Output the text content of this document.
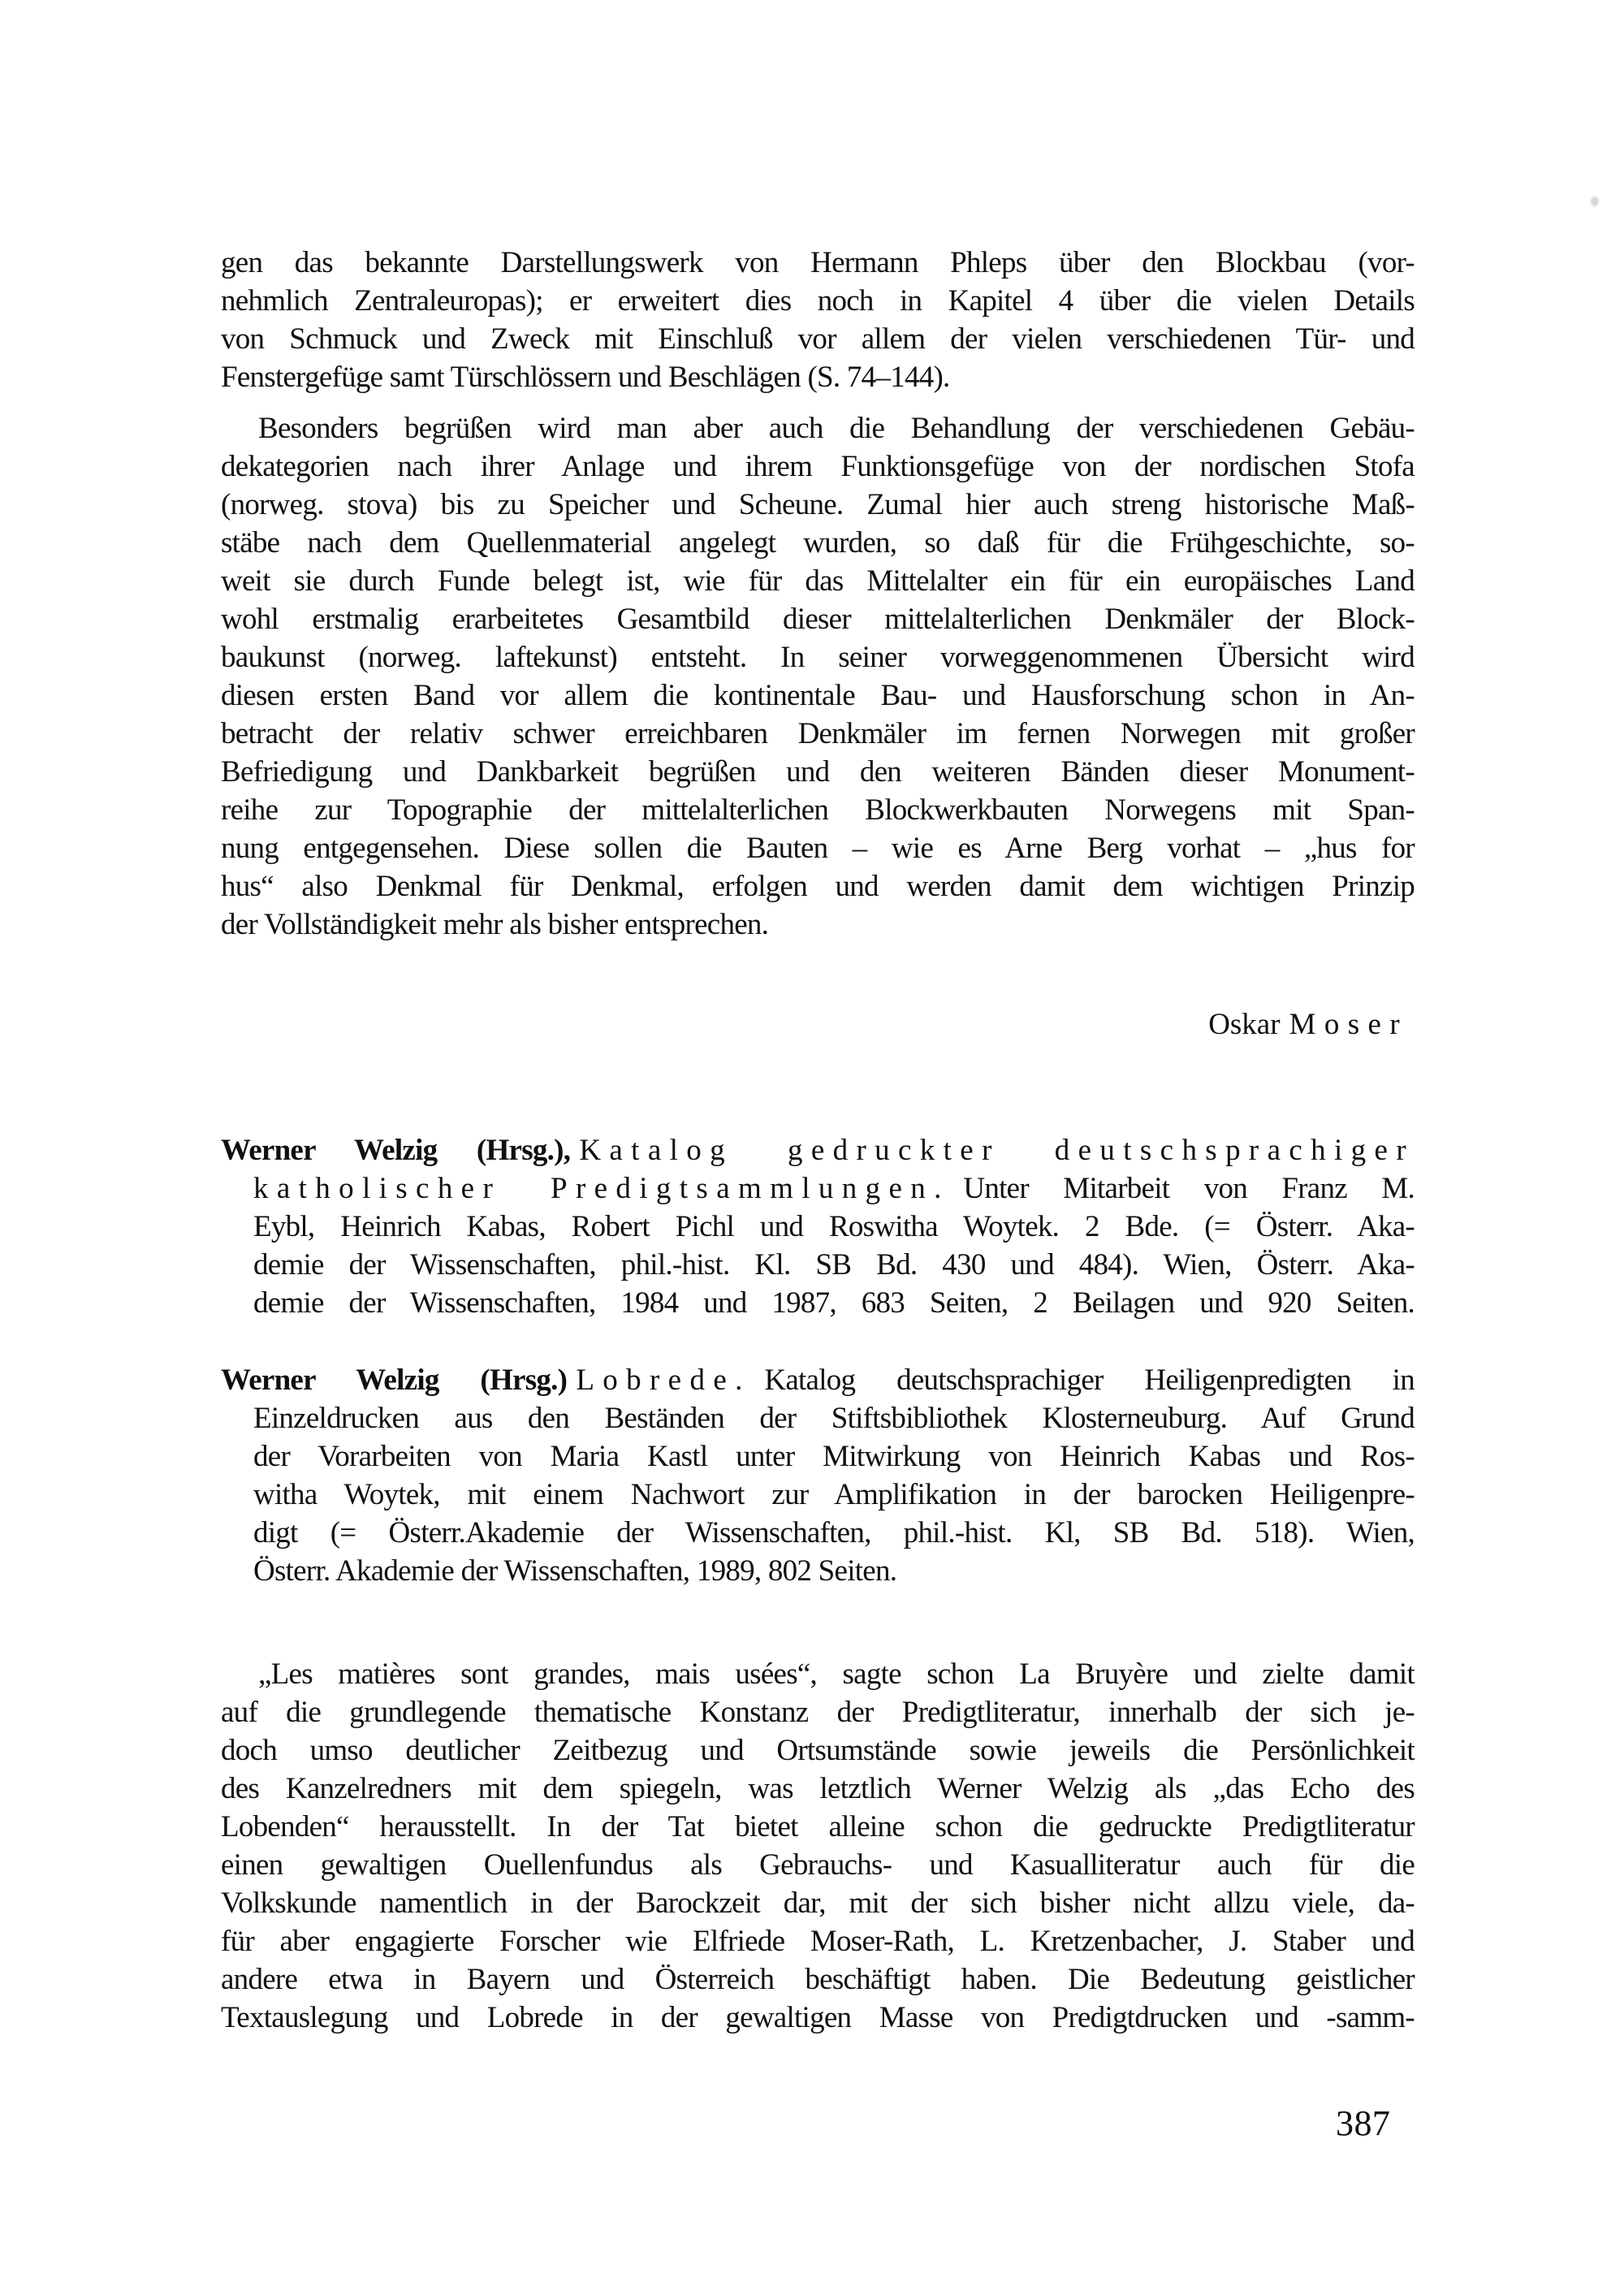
gen das bekannte Darstellungswerk von Hermann Phleps über den Blockbau (vor-
nehmlich Zentraleuropas); er erweitert dies noch in Kapitel 4 über die vielen Details
von Schmuck und Zweck mit Einschluß vor allem der vielen verschiedenen Tür- und
Fenstergefüge samt Türschlössern und Beschlägen (S. 74–144).
Besonders begrüßen wird man aber auch die Behandlung der verschiedenen Gebäu-
dekategorien nach ihrer Anlage und ihrem Funktionsgefüge von der nordischen Stofa
(norweg. stova) bis zu Speicher und Scheune. Zumal hier auch streng historische Maß-
stäbe nach dem Quellenmaterial angelegt wurden, so daß für die Frühgeschichte, so-
weit sie durch Funde belegt ist, wie für das Mittelalter ein für ein europäisches Land
wohl erstmalig erarbeitetes Gesamtbild dieser mittelalterlichen Denkmäler der Block-
baukunst (norweg. laftekunst) entsteht. In seiner vorweggenommenen Übersicht wird
diesen ersten Band vor allem die kontinentale Bau- und Hausforschung schon in An-
betracht der relativ schwer erreichbaren Denkmäler im fernen Norwegen mit großer
Befriedigung und Dankbarkeit begrüßen und den weiteren Bänden dieser Monument-
reihe zur Topographie der mittelalterlichen Blockwerkbauten Norwegens mit Span-
nung entgegensehen. Diese sollen die Bauten – wie es Arne Berg vorhat – „hus for
hus“ also Denkmal für Denkmal, erfolgen und werden damit dem wichtigen Prinzip
der Vollständigkeit mehr als bisher entsprechen.
Oskar Moser
Werner Welzig (Hrsg.), Katalog gedruckter deutschsprachiger
katholischer Predigtsammlungen. Unter Mitarbeit von Franz M.
Eybl, Heinrich Kabas, Robert Pichl und Roswitha Woytek. 2 Bde. (= Österr. Aka-
demie der Wissenschaften, phil.-hist. Kl. SB Bd. 430 und 484). Wien, Österr. Aka-
demie der Wissenschaften, 1984 und 1987, 683 Seiten, 2 Beilagen und 920 Seiten.
Werner Welzig (Hrsg.) Lobrede. Katalog deutschsprachiger Heiligenpredigten in
Einzeldrucken aus den Beständen der Stiftsbibliothek Klosterneuburg. Auf Grund
der Vorarbeiten von Maria Kastl unter Mitwirkung von Heinrich Kabas und Ros-
witha Woytek, mit einem Nachwort zur Amplifikation in der barocken Heiligenpre-
digt (= Österr.Akademie der Wissenschaften, phil.-hist. Kl, SB Bd. 518). Wien,
Österr. Akademie der Wissenschaften, 1989, 802 Seiten.
„Les matières sont grandes, mais usées“, sagte schon La Bruyère und zielte damit
auf die grundlegende thematische Konstanz der Predigtliteratur, innerhalb der sich je-
doch umso deutlicher Zeitbezug und Ortsumstände sowie jeweils die Persönlichkeit
des Kanzelredners mit dem spiegeln, was letztlich Werner Welzig als „das Echo des
Lobenden“ herausstellt. In der Tat bietet alleine schon die gedruckte Predigtliteratur
einen gewaltigen Ouellenfundus als Gebrauchs- und Kasualliteratur auch für die
Volkskunde namentlich in der Barockzeit dar, mit der sich bisher nicht allzu viele, da-
für aber engagierte Forscher wie Elfriede Moser-Rath, L. Kretzenbacher, J. Staber und
andere etwa in Bayern und Österreich beschäftigt haben. Die Bedeutung geistlicher
Textauslegung und Lobrede in der gewaltigen Masse von Predigtdrucken und -samm-
387
